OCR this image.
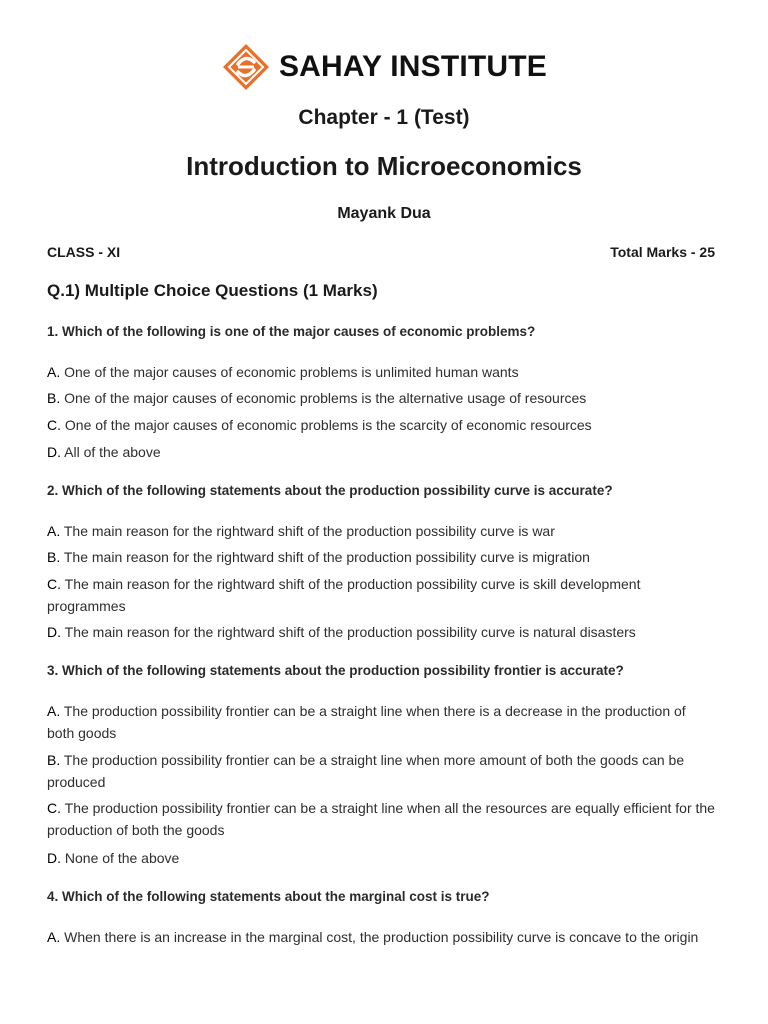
SAHAY INSTITUTE
Chapter - 1 (Test)
Introduction to Microeconomics
Mayank Dua
CLASS - XI	Total Marks - 25
Q.1) Multiple Choice Questions (1 Marks)
1. Which of the following is one of the major causes of economic problems?
A. One of the major causes of economic problems is unlimited human wants
B. One of the major causes of economic problems is the alternative usage of resources
C. One of the major causes of economic problems is the scarcity of economic resources
D. All of the above
2. Which of the following statements about the production possibility curve is accurate?
A. The main reason for the rightward shift of the production possibility curve is war
B. The main reason for the rightward shift of the production possibility curve is migration
C. The main reason for the rightward shift of the production possibility curve is skill development programmes
D. The main reason for the rightward shift of the production possibility curve is natural disasters
3. Which of the following statements about the production possibility frontier is accurate?
A. The production possibility frontier can be a straight line when there is a decrease in the production of both goods
B. The production possibility frontier can be a straight line when more amount of both the goods can be produced
C. The production possibility frontier can be a straight line when all the resources are equally efficient for the production of both the goods
D. None of the above
4. Which of the following statements about the marginal cost is true?
A. When there is an increase in the marginal cost, the production possibility curve is concave to the origin
